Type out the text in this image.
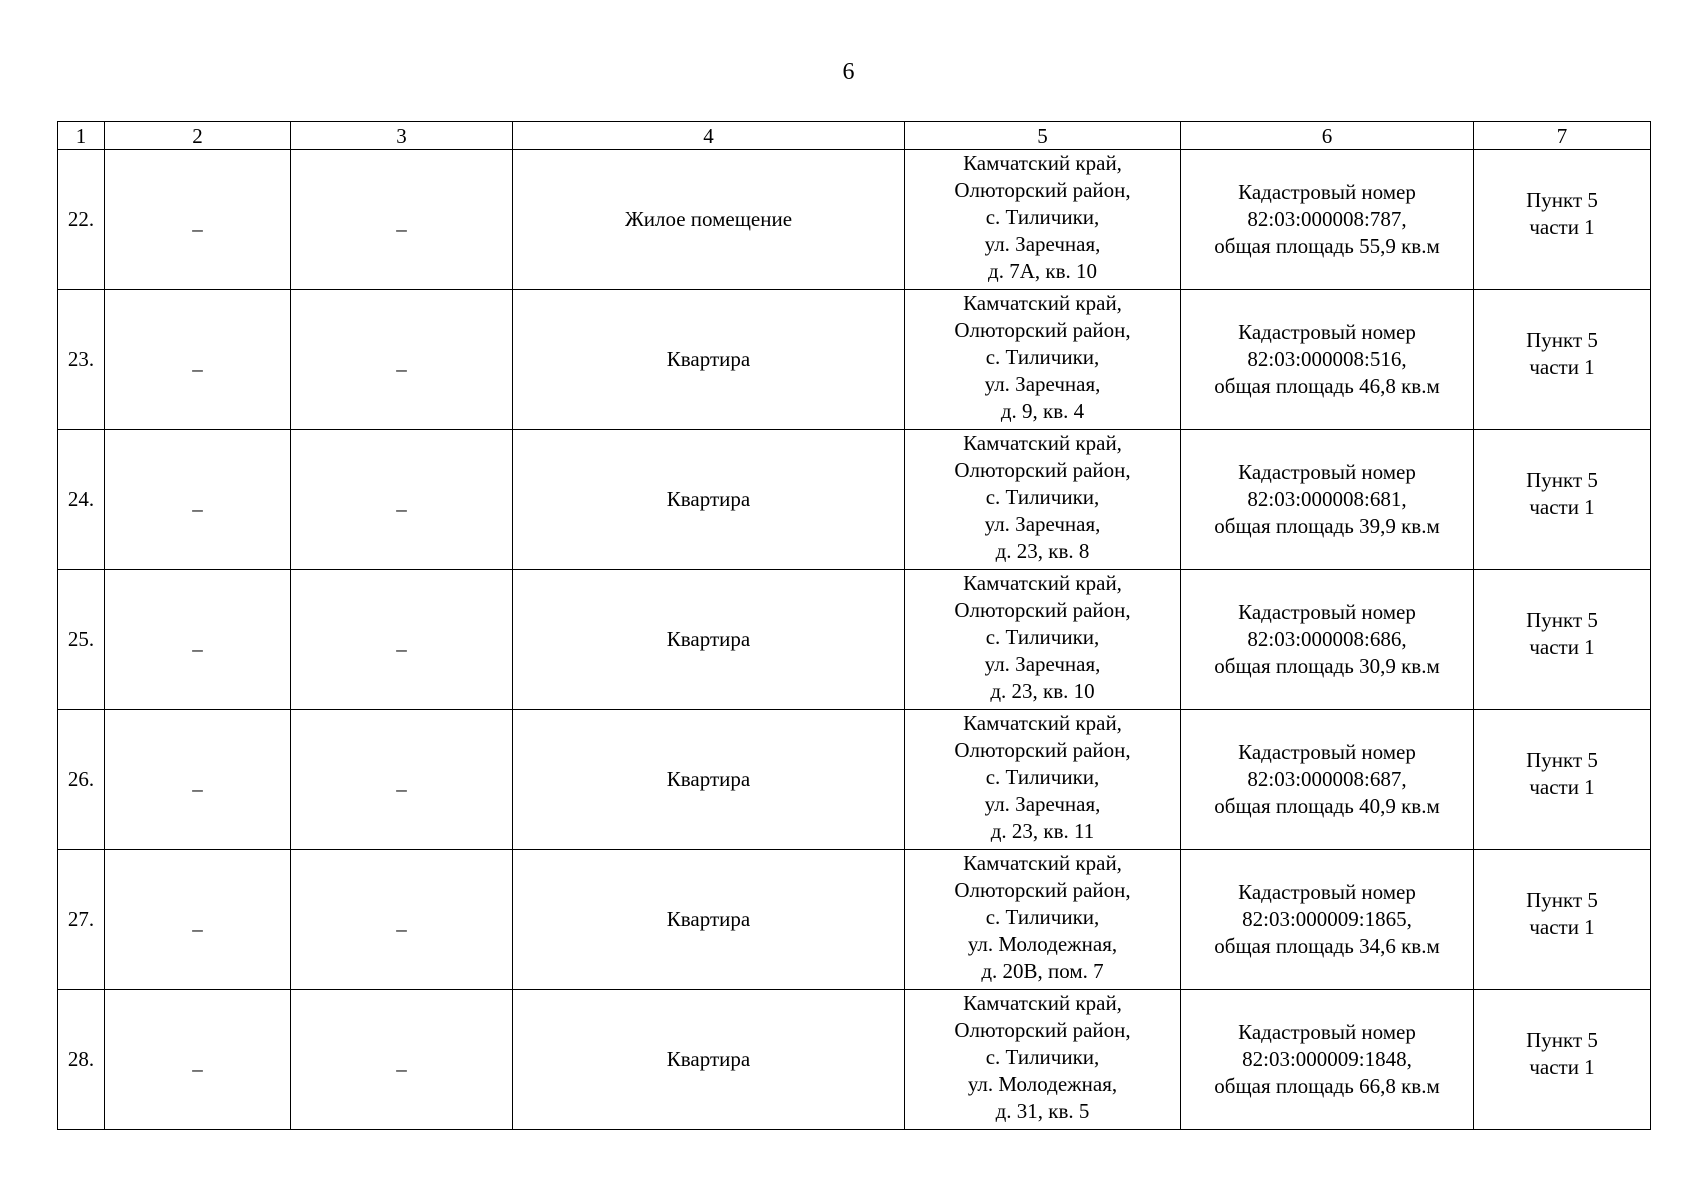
6
1	2	3	4	5	6	7
22.	–	–	Жилое помещение	Камчатский край,
Олюторский район,
с. Тиличики,
ул. Заречная,
д. 7А, кв. 10	Кадастровый номер
82:03:000008:787,
общая площадь 55,9 кв.м	Пункт 5
части 1

23.	–	–	Квартира	Камчатский край,
Олюторский район,
с. Тиличики,
ул. Заречная,
д. 9, кв. 4	Кадастровый номер
82:03:000008:516,
общая площадь 46,8 кв.м	Пункт 5
части 1

24.	–	–	Квартира	Камчатский край,
Олюторский район,
с. Тиличики,
ул. Заречная,
д. 23, кв. 8	Кадастровый номер
82:03:000008:681,
общая площадь 39,9 кв.м	Пункт 5
части 1

25.	–	–	Квартира	Камчатский край,
Олюторский район,
с. Тиличики,
ул. Заречная,
д. 23, кв. 10	Кадастровый номер
82:03:000008:686,
общая площадь 30,9 кв.м	Пункт 5
части 1

26.	–	–	Квартира	Камчатский край,
Олюторский район,
с. Тиличики,
ул. Заречная,
д. 23, кв. 11	Кадастровый номер
82:03:000008:687,
общая площадь 40,9 кв.м	Пункт 5
части 1

27.	–	–	Квартира	Камчатский край,
Олюторский район,
с. Тиличики,
ул. Молодежная,
д. 20В, пом. 7	Кадастровый номер
82:03:000009:1865,
общая площадь 34,6 кв.м	Пункт 5
части 1

28.	–	–	Квартира	Камчатский край,
Олюторский район,
с. Тиличики,
ул. Молодежная,
д. 31, кв. 5	Кадастровый номер
82:03:000009:1848,
общая площадь 66,8 кв.м	Пункт 5
части 1
